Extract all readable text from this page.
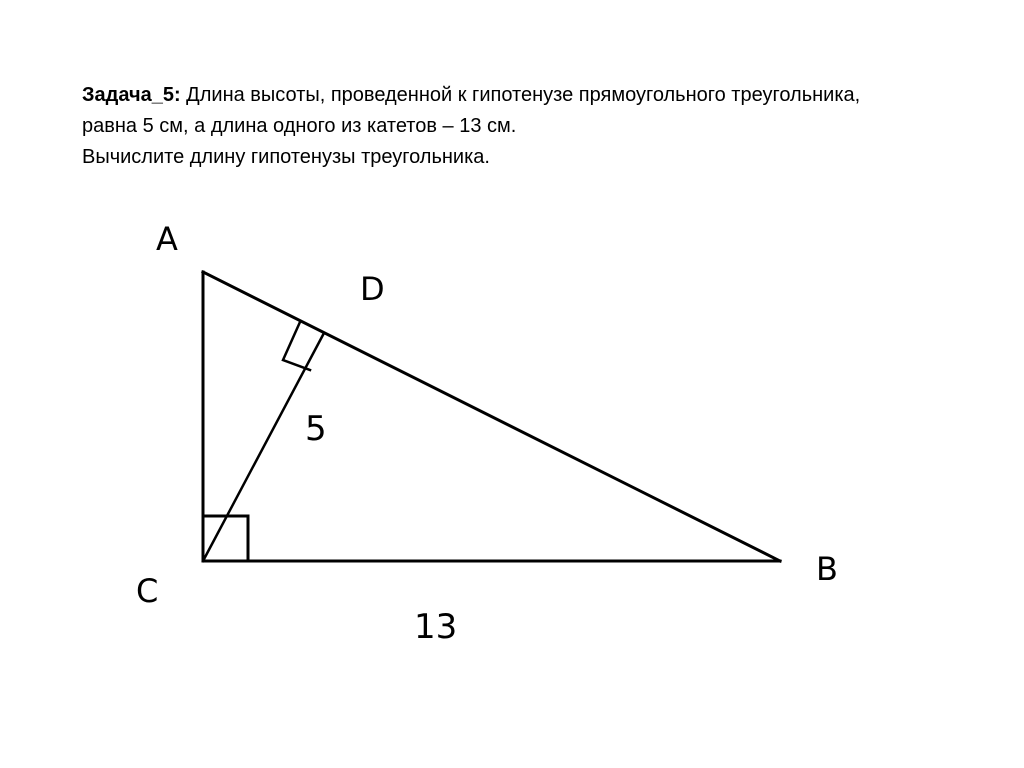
Задача_5: Длина высоты, проведенной к гипотенузе прямоугольного треугольника,
равна 5 см, а длина одного из катетов – 13 см.
Вычислите длину гипотенузы треугольника.
A
D
C
B
5
13
